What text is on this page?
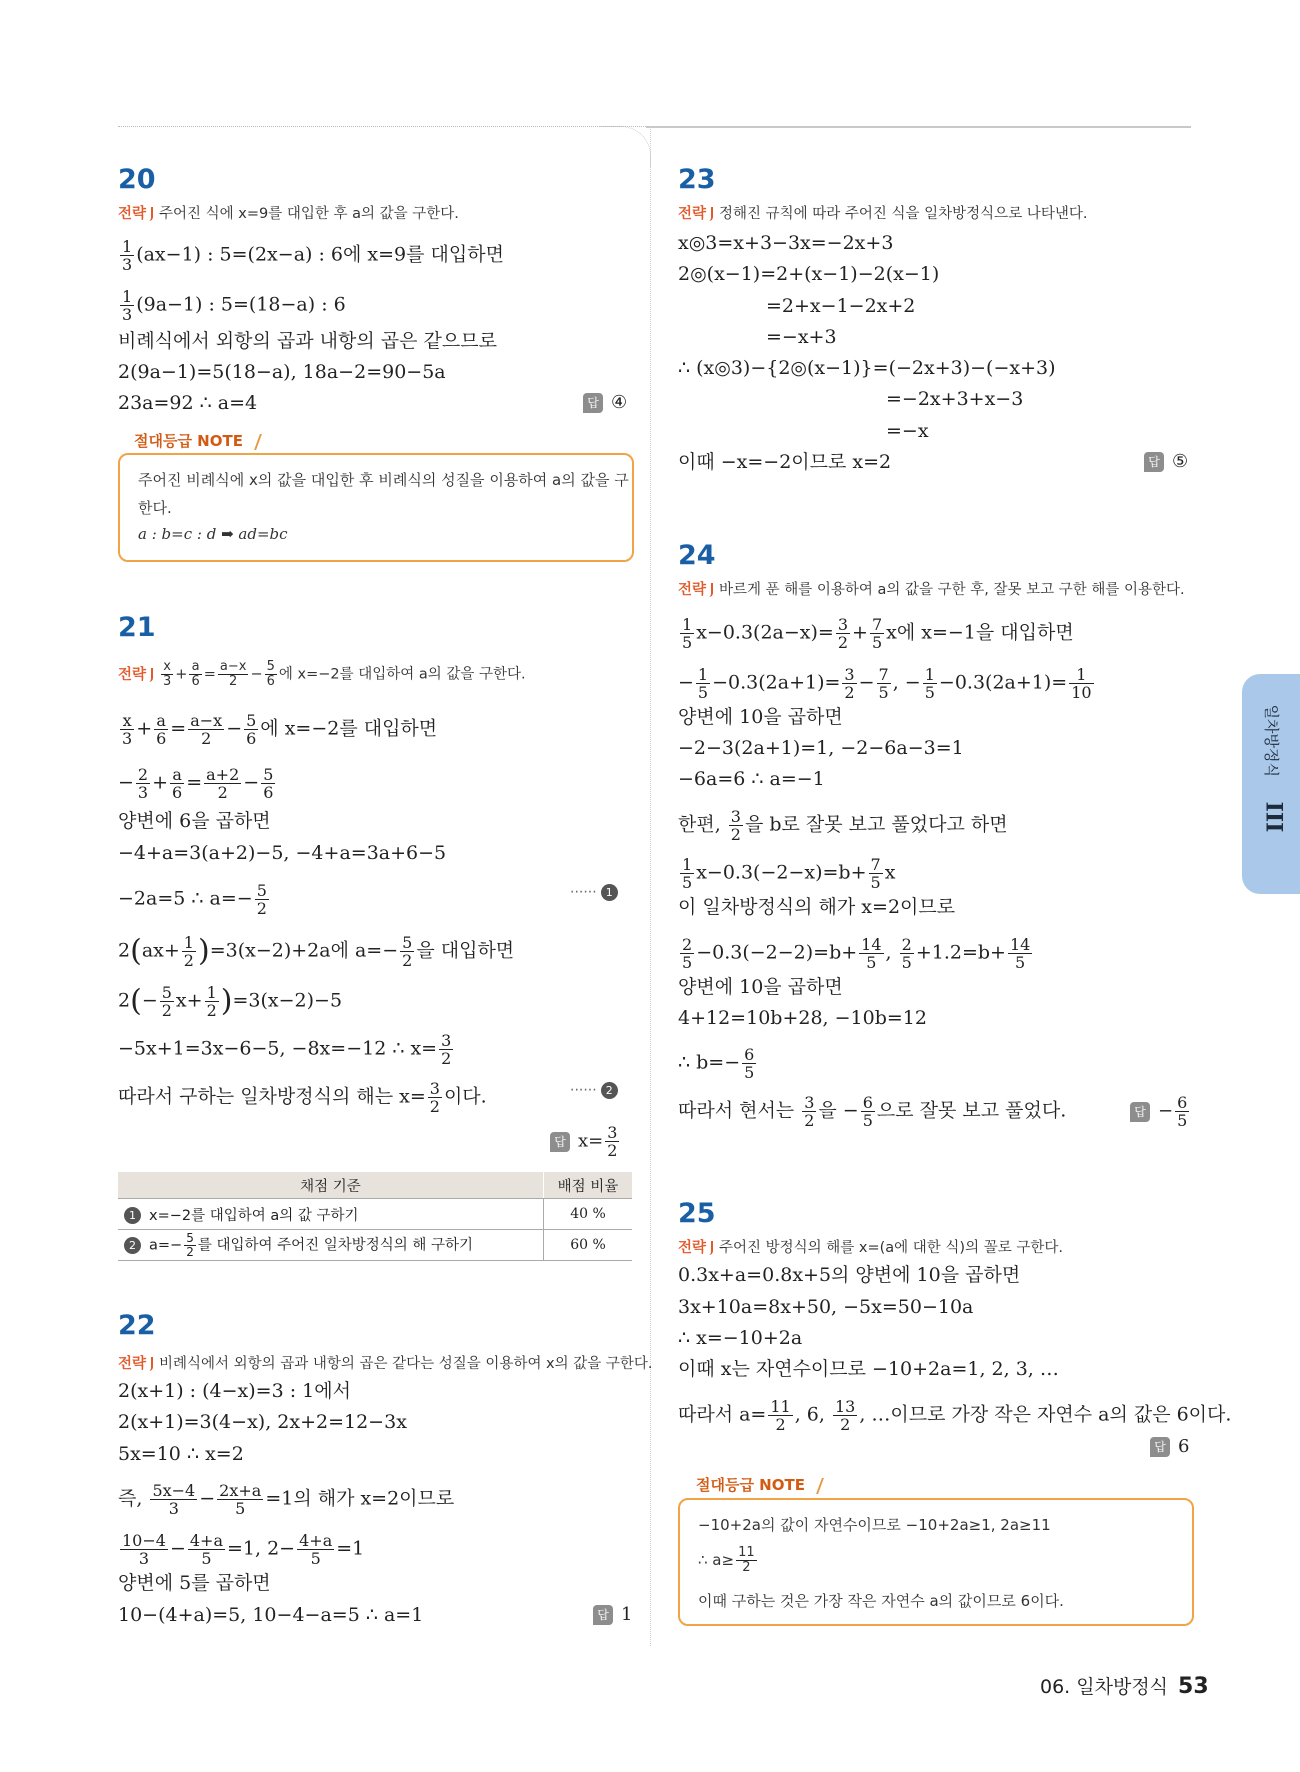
20
전략 주어진 식에 x=9를 대입한 후 a의 값을 구한다.
$\frac{1}{3} (ax-1)$ : 5=(2x−a) : 6에 x=9를 대입하면
$\frac{1}{3} (9a-1)$ : 5=(18−a) : 6
비례식에서 외항의 곱과 내항의 곱은 같으므로
2(9a−1)=5(18−a), 18a−2=90−5a
23a=92 ∴ a=4	답 ④
절대등급 NOTE
주어진 비례식에 x의 값을 대입한 후 비례식의 성질을 이용하여 a의 값을 구
한다.
a : b=c : d ➡ ad=bc
21
전략 $\frac{x}{3} + \frac{a}{6} = \frac{a-x}{2} - \frac{5}{6}$ 에 x=−2를 대입하여 a의 값을 구한다.
$\frac{x}{3} + \frac{a}{6} = \frac{a-x}{2} - \frac{5}{6}$ 에 x=−2를 대입하면
− $\frac{2}{3} + \frac{a}{6} = \frac{a+2}{2} - \frac{5}{6}$
양변에 6을 곱하면
−4+a=3(a+2)−5, −4+a=3a+6−5
−2a=5 ∴ $a=- \frac{5}{2}$	······ 1
$2(ax+ \frac{1}{2} )=3(x-2)+2a$에 $a=- \frac{5}{2}$ 을 대입하면
$2(- \frac{5}{2} x+ \frac{1}{2} )=3(x-2)-5$
−5x+1=3x−6−5, −8x=−12 ∴ $x= \frac{3}{2}$
따라서 구하는 일차방정식의 해는 $x= \frac{3}{2}$ 이다.	······ 2
답 $x= \frac{3}{2}$
채점 기준	배점 비율
1 x=−2를 대입하여 a의 값 구하기	40 %
2 $a=- \frac{5}{2}$ 를 대입하여 주어진 일차방정식의 해 구하기	60 %
22
전략 비례식에서 외항의 곱과 내항의 곱은 같다는 성질을 이용하여 x의 값을 구한다.
2(x+1) : (4−x)=3 : 1에서
2(x+1)=3(4−x), 2x+2=12−3x
5x=10 ∴ x=2
즉, $\frac{5x-4}{3} - \frac{2x+a}{5} =1$의 해가 x=2이므로
$\frac{10-4}{3} - \frac{4+a}{5} =1$, $2- \frac{4+a}{5} =1$
양변에 5를 곱하면
10−(4+a)=5, 10−4−a=5 ∴ a=1	답 1
23
전략 정해진 규칙에 따라 주어진 식을 일차방정식으로 나타낸다.
x◎3=x+3−3x=−2x+3
2◎(x−1)=2+(x−1)−2(x−1)
=2+x−1−2x+2
=−x+3
∴ (x◎3)−{2◎(x−1)}=(−2x+3)−(−x+3)
=−2x+3+x−3
=−x
이때 −x=−2이므로 x=2	답 ⑤
24
전략 바르게 푼 해를 이용하여 a의 값을 구한 후, 잘못 보고 구한 해를 이용한다.
$\frac{1}{5} x-0.3(2a-x)= \frac{3}{2} + \frac{7}{5}$ x에 x=−1을 대입하면
− $\frac{1}{5} -0.3(2a+1)= \frac{3}{2} - \frac{7}{5}$ , − $\frac{1}{5} -0.3(2a+1)= \frac{1}{10}$
양변에 10을 곱하면
−2−3(2a+1)=1, −2−6a−3=1
−6a=6 ∴ a=−1
한편, $\frac{3}{2}$ 을 b로 잘못 보고 풀었다고 하면
$\frac{1}{5} x-0.3(-2-x)=b+ \frac{7}{5}$ x
이 일차방정식의 해가 x=2이므로
$\frac{2}{5} -0.3(-2-2)=b+ \frac{14}{5}$ , $\frac{2}{5} +1.2=b+ \frac{14}{5}$
양변에 10을 곱하면
4+12=10b+28, −10b=12
∴ $b=- \frac{6}{5}$
따라서 현서는 $\frac{3}{2}$ 을 − $\frac{6}{5}$ 으로 잘못 보고 풀었다.	답 − $\frac{6}{5}$
25
전략 주어진 방정식의 해를 x=(a에 대한 식)의 꼴로 구한다.
0.3x+a=0.8x+5의 양변에 10을 곱하면
3x+10a=8x+50, −5x=50−10a
∴ x=−10+2a
이때 x는 자연수이므로 −10+2a=1, 2, 3, …
따라서 $a= \frac{11}{2}$ , 6, $\frac{13}{2}$ , …이므로 가장 작은 자연수 a의 값은 6이다.
답 6
절대등급 NOTE
−10+2a의 값이 자연수이므로 −10+2a≥1, 2a≥11
∴ $a\ge \frac{11}{2}$
이때 구하는 것은 가장 작은 자연수 a의 값이므로 6이다.
일차방정식
III
06. 일차방정식 53
